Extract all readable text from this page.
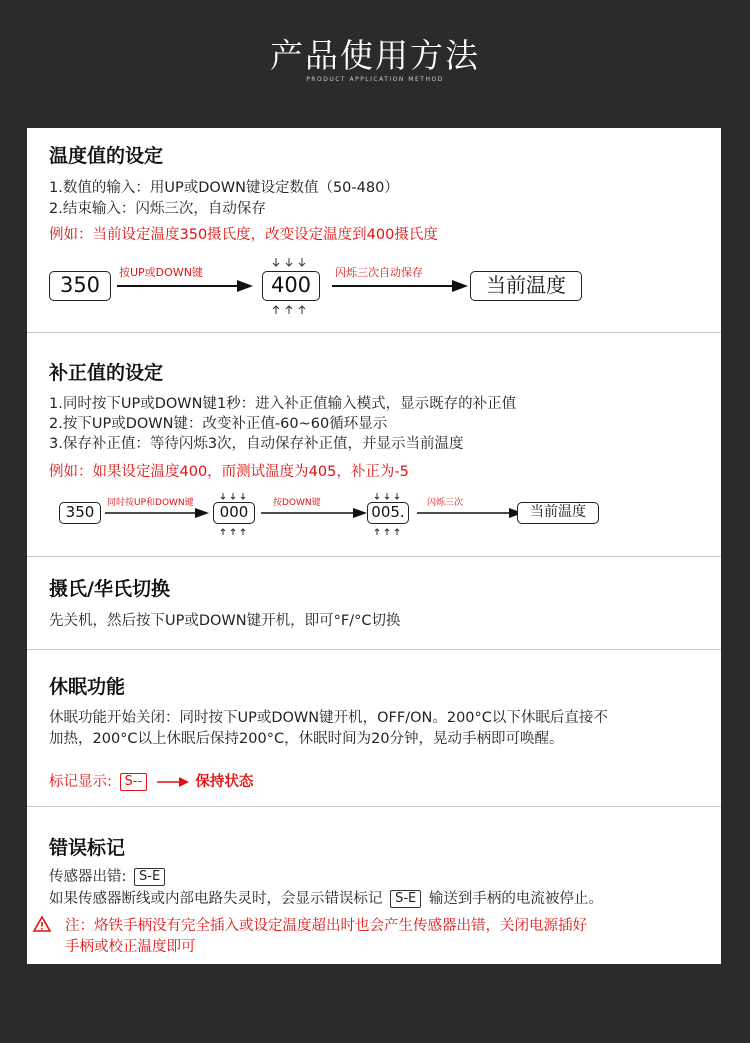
产品使用方法
PRODUCT APPLICATION METHOD
温度值的设定
1.数值的输入：用UP或DOWN键设定数值（50-480）
2.结束输入：闪烁三次，自动保存
例如：当前设定温度350摄氏度，改变设定温度到400摄氏度
350
按UP或DOWN键
400
闪烁三次自动保存
当前温度
补正值的设定
1.同时按下UP或DOWN键1秒：进入补正值输入模式，显示既存的补正值
2.按下UP或DOWN键：改变补正值-60~60循环显示
3.保存补正值：等待闪烁3次，自动保存补正值，并显示当前温度
例如：如果设定温度400，而测试温度为405，补正为-5
350	同时按UP和DOWN键	000	按DOWN键	005.	闪烁三次
当前温度
摄氏/华氏切换
先关机，然后按下UP或DOWN键开机，即可°F/°C切换
休眠功能
休眠功能开始关闭：同时按下UP或DOWN键开机，OFF/ON。200°C以下休眠后直接不
加热，200°C以上休眠后保持200°C，休眠时间为20分钟，晃动手柄即可唤醒。
标记显示: S--	保持状态
错误标记
传感器出错: S-E
如果传感器断线或内部电路失灵时，会显示错误标记 S-E 输送到手柄的电流被停止。
注：烙铁手柄没有完全插入或设定温度超出时也会产生传感器出错，关闭电源插好
手柄或校正温度即可
